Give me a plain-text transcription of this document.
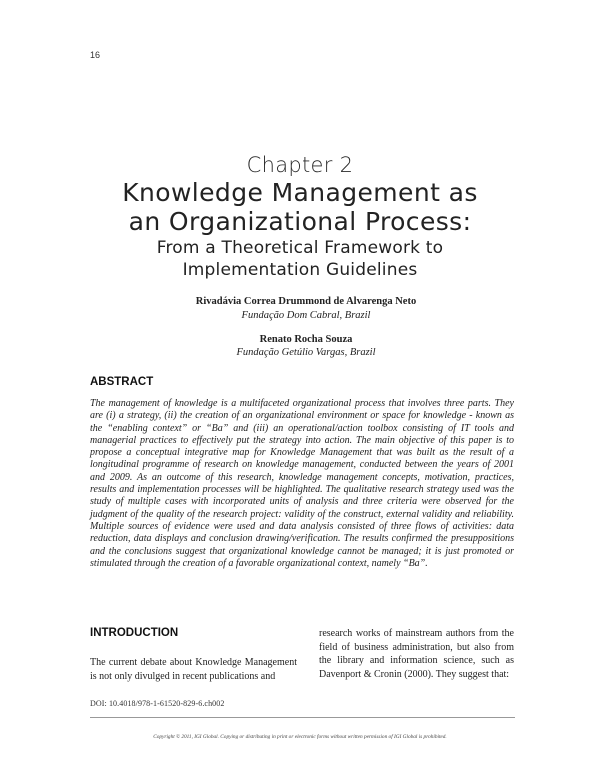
16
Chapter 2
Knowledge Management as
an Organizational Process:
From a Theoretical Framework to
Implementation Guidelines
Rivadávia Correa Drummond de Alvarenga Neto
Fundação Dom Cabral, Brazil
Renato Rocha Souza
Fundação Getúlio Vargas, Brazil
ABSTRACT
The management of knowledge is a multifaceted organizational process that involves three parts. They are (i) a strategy, (ii) the creation of an organizational environment or space for knowledge - known as the “enabling context” or “Ba” and (iii) an operational/action toolbox consisting of IT tools and managerial practices to effectively put the strategy into action. The main objective of this paper is to propose a conceptual integrative map for Knowledge Management that was built as the result of a longitudinal programme of research on knowledge management, conducted between the years of 2001 and 2009. As an outcome of this research, knowledge management concepts, motivation, practices, results and implementation processes will be highlighted. The qualitative research strategy used was the study of multiple cases with incorporated units of analysis and three criteria were observed for the judgment of the quality of the research project: validity of the construct, external validity and reliability. Multiple sources of evidence were used and data analysis consisted of three flows of activities: data reduction, data displays and conclusion drawing/verification. The results confirmed the presuppositions and the conclusions suggest that organizational knowledge cannot be managed; it is just promoted or stimulated through the creation of a favorable organizational context, namely “Ba”.
INTRODUCTION
The current debate about Knowledge Management is not only divulged in recent publications and
research works of mainstream authors from the field of business administration, but also from the library and information science, such as Davenport & Cronin (2000). They suggest that:
DOI: 10.4018/978-1-61520-829-6.ch002
Copyright © 2011, IGI Global. Copying or distributing in print or electronic forms without written permission of IGI Global is prohibited.
